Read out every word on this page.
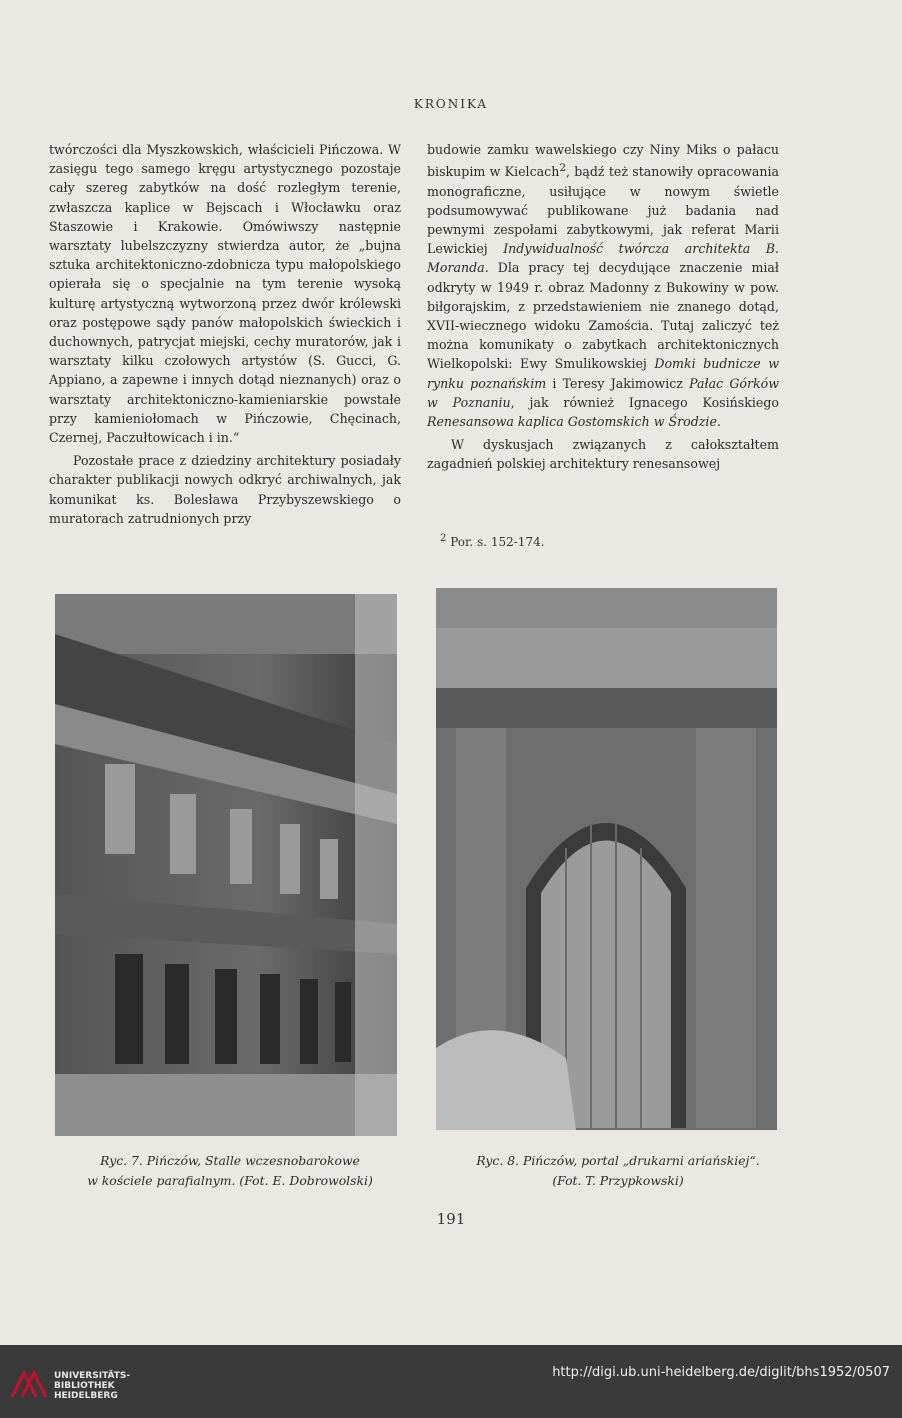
KRONIKA

twórczości dla Myszkowskich, właścicieli Pińczowa. W zasięgu tego samego kręgu artystycznego pozostaje cały szereg zabytków na dość rozległym terenie, zwłaszcza kaplice w Bejscach i Włocławku oraz Staszowie i Krakowie. Omówiwszy następnie warsztaty lubelszczyzny stwierdza autor, że „bujna sztuka architektoniczno-zdobnicza typu małopolskiego opierała się o specjalnie na tym terenie wysoką kulturę artystyczną wytworzoną przez dwór królewski oraz postępowe sądy panów małopolskich świeckich i duchownych, patrycjat miejski, cechy muratorów, jak i warsztaty kilku czołowych artystów (S. Gucci, G. Appiano, a zapewne i innych dotąd nieznanych) oraz o warsztaty architektoniczno-kamieniarskie powstałe przy kamieniołomach w Pińczowie, Chęcinach, Czernej, Paczułtowicach i in.“

Pozostałe prace z dziedziny architektury posiadały charakter publikacji nowych odkryć archiwalnych, jak komunikat ks. Bolesława Przybyszewskiego o muratorach zatrudnionych przy

budowie zamku wawelskiego czy Niny Miks o pałacu biskupim w Kielcach$^2$, bądź też stanowiły opracowania monograficzne, usiłujące w nowym świetle podsumowywać publikowane już badania nad pewnymi zespołami zabytkowymi, jak referat Marii Lewickiej Indywidualność twórcza architekta B. Moranda. Dla pracy tej decydujące znaczenie miał odkryty w 1949 r. obraz Madonny z Bukowiny w pow. biłgorajskim, z przedstawieniem nie znanego dotąd, XVII-wiecznego widoku Zamościa. Tutaj zaliczyć też można komunikaty o zabytkach architektonicznych Wielkopolski: Ewy Smulikowskiej Domki budnicze w rynku poznańskim i Teresy Jakimowicz Pałac Górków w Poznaniu, jak również Ignacego Kosińskiego Renesansowa kaplica Gostomskich w Środzie.

W dyskusjach związanych z całokształtem zagadnień polskiej architektury renesansowej

$^2$ Por. s. 152-174.
Ryc. 7. Pińczów, Stalle wczesnobarokowe
w kościele parafialnym. (Fot. E. Dobrowolski)
Ryc. 8. Pińczów, portal „drukarni ariańskiej“.
(Fot. T. Przypkowski)
191
UNIVERSITÄTS-
BIBLIOTHEK
HEIDELBERG
http://digi.ub.uni-heidelberg.de/diglit/bhs1952/0507
